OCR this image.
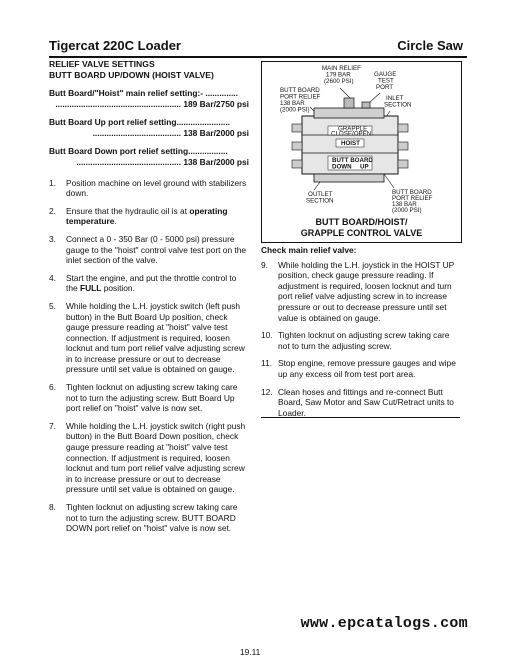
Tigercat 220C Loader	Circle Saw

RELIEF VALVE SETTINGS

BUTT BOARD UP/DOWN (HOIST VALVE)

Butt Board/"Hoist" main relief setting:- ..............
...................................................... 189 Bar/2750 psi
Butt Board Up port relief setting.......................
...................................... 138 Bar/2000 psi
Butt Board Down port relief setting.................
............................................. 138 Bar/2000 psi
1. Position machine on level ground with stabilizers down.
2. Ensure that the hydraulic oil is at operating temperature.
3. Connect a 0 - 350 Bar (0 - 5000 psi) pressure gauge to the "hoist" control valve test port on the inlet section of the valve.
4. Start the engine, and put the throttle control to the FULL position.
5. While holding the L.H. joystick switch (left push button) in the Butt Board Up position, check gauge pressure reading at "hoist" valve test connection. If adjustment is required, loosen locknut and turn port relief valve adjusting screw in to increase pressure or out to decrease pressure until set value is obtained on gauge.
6. Tighten locknut on adjusting screw taking care not to turn the adjusting screw. Butt Board Up port relief on "hoist" valve is now set.
7. While holding the L.H. joystick switch (right push button) in the Butt Board Down position, check gauge pressure reading at "hoist" valve test connection. If adjustment is required, loosen locknut and turn port relief valve adjusting screw in to increase pressure or out to decrease pressure until set value is obtained on gauge.
8. Tighten locknut on adjusting screw taking care not to turn the adjusting screw. BUTT BOARD DOWN port relief on "hoist" valve is now set.
MAIN RELIEF 179 BAR (2600 PSI)
GAUGE TEST PORT
BUTT BOARD PORT RELIEF 138 BAR (2000 PSI)
INLET SECTION
GRAPPLE CLOSE/OPEN
HOIST
BUTT BOARD
DOWN UP
OUTLET SECTION
BUTT BOARD PORT RELIEF 138 BAR (2000 PSI)
BUTT BOARD/HOIST/
GRAPPLE CONTROL VALVE

Check main relief valve:

9. While holding the L.H. joystick in the HOIST UP position, check gauge pressure reading. If adjustment is required, loosen locknut and turn port relief valve adjusting screw in to increase pressure or out to decrease pressure until set value is obtained on gauge.
10. Tighten locknut on adjusting screw taking care not to turn the adjusting screw.
11. Stop engine, remove pressure gauges and wipe up any excess oil from test port area.
12. Clean hoses and fittings and re-connect Butt Board, Saw Motor and Saw Cut/Retract units to Loader.
www.epcatalogs.com
19.11
